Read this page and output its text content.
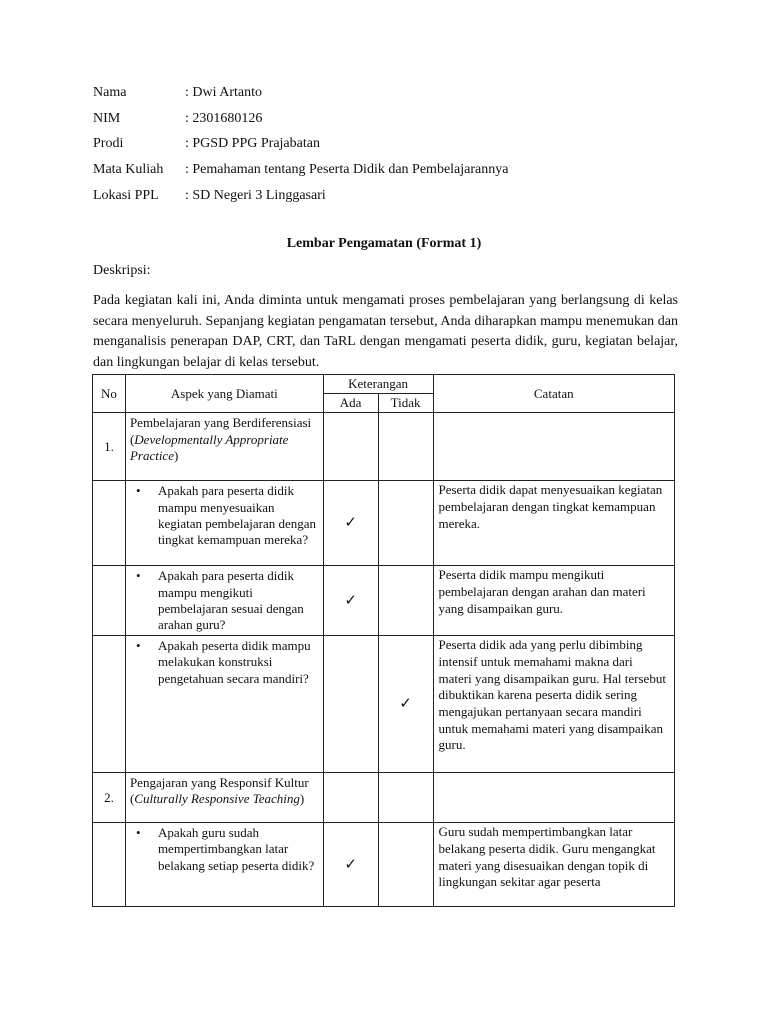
Nama	: Dwi Artanto
NIM	: 2301680126
Prodi	: PGSD PPG Prajabatan
Mata Kuliah	: Pemahaman tentang Peserta Didik dan Pembelajarannya
Lokasi PPL	: SD Negeri 3 Linggasari
Lembar Pengamatan (Format 1)
Deskripsi:
Pada kegiatan kali ini, Anda diminta untuk mengamati proses pembelajaran yang berlangsung di kelas secara menyeluruh. Sepanjang kegiatan pengamatan tersebut, Anda diharapkan mampu menemukan dan menganalisis penerapan DAP, CRT, dan TaRL dengan mengamati peserta didik, guru, kegiatan belajar, dan lingkungan belajar di kelas tersebut.
No	Aspek yang Diamati	Keterangan		Catatan
		Ada	Tidak	
1.	Pembelajaran yang Berdiferensiasi (Developmentally Appropriate Practice)			

	• Apakah para peserta didik mampu menyesuaikan kegiatan pembelajaran dengan tingkat kemampuan mereka?	✓		Peserta didik dapat menyesuaikan kegiatan pembelajaran dengan tingkat kemampuan mereka.

	• Apakah para peserta didik mampu mengikuti pembelajaran sesuai dengan arahan guru?	✓		Peserta didik mampu mengikuti pembelajaran dengan arahan dan materi yang disampaikan guru.

	• Apakah peserta didik mampu melakukan konstruksi pengetahuan secara mandiri?		✓	Peserta didik ada yang perlu dibimbing intensif untuk memahami makna dari materi yang disampaikan guru. Hal tersebut dibuktikan karena peserta didik sering mengajukan pertanyaan secara mandiri untuk memahami materi yang disampaikan guru.
2.	Pengajaran yang Responsif Kultur (Culturally Responsive Teaching)			

	• Apakah guru sudah mempertimbangkan latar belakang setiap peserta didik?	✓		Guru sudah mempertimbangkan latar belakang peserta didik. Guru mengangkat materi yang disesuaikan dengan topik di lingkungan sekitar agar peserta
